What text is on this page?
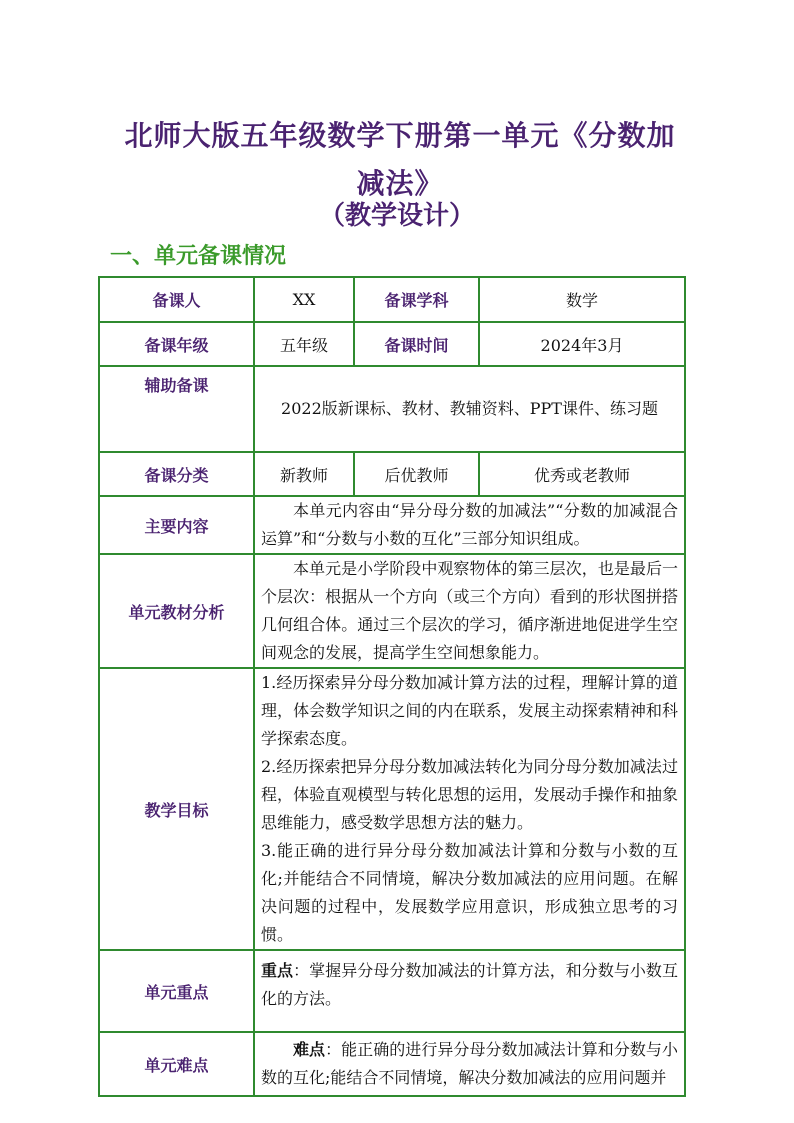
北师大版五年级数学下册第一单元《分数加减法》
（教学设计）
一、单元备课情况
备课人	XX	备课学科	数学
备课年级	五年级	备课时间	2024年3月
辅助备课	2022版新课标、教材、教辅资料、PPT课件、练习题		
备课分类	新教师	后优教师	优秀或老教师
主要内容	本单元内容由“异分母分数的加减法”“分数的加减混合运算”和“分数与小数的互化”三部分知识组成。		

单元教材分析	本单元是小学阶段中观察物体的第三层次，也是最后一个层次：根据从一个方向（或三个方向）看到的形状图拼搭几何组合体。通过三个层次的学习，循序渐进地促进学生空间观念的发展，提高学生空间想象能力。		

教学目标	1.经历探索异分母分数加减计算方法的过程，理解计算的道理，体会数学知识之间的内在联系，发展主动探索精神和科学探索态度。

2.经历探索把异分母分数加减法转化为同分母分数加减法过程，体验直观模型与转化思想的运用，发展动手操作和抽象思维能力，感受数学思想方法的魅力。

3.能正确的进行异分母分数加减法计算和分数与小数的互化;并能结合不同情境，解决分数加减法的应用问题。在解决问题的过程中，发展数学应用意识，形成独立思考的习惯。		

单元重点	重点：掌握异分母分数加减法的计算方法，和分数与小数互化的方法。		

单元难点	难点：能正确的进行异分母分数加减法计算和分数与小数的互化;能结合不同情境，解决分数加减法的应用问题并		
